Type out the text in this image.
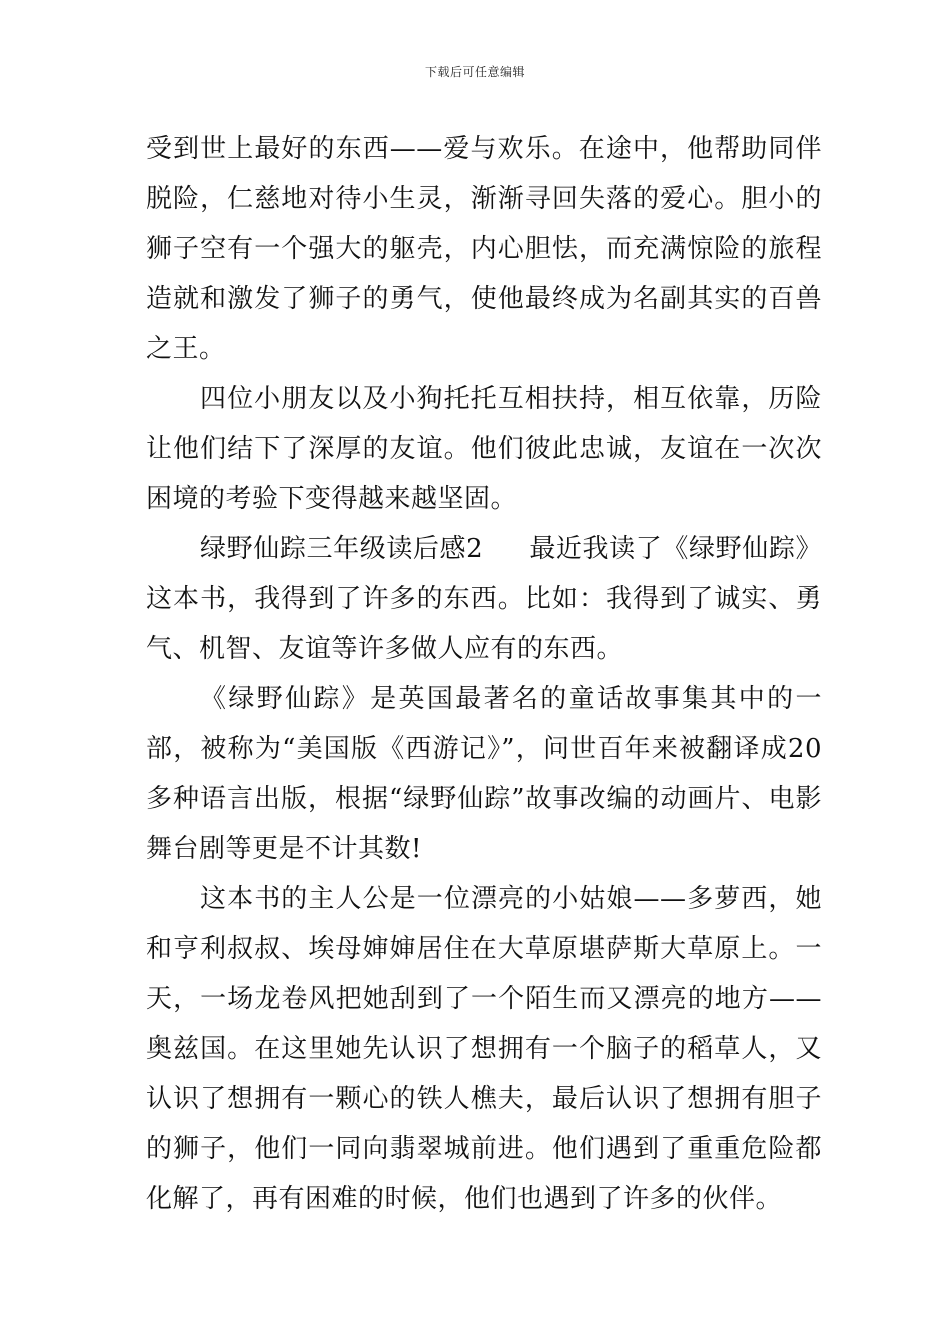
下载后可任意编辑

受到世上最好的东西——爱与欢乐。在途中，他帮助同伴脱险，仁慈地对待小生灵，渐渐寻回失落的爱心。胆小的狮子空有一个强大的躯壳，内心胆怯，而充满惊险的旅程造就和激发了狮子的勇气，使他最终成为名副其实的百兽之王。

四位小朋友以及小狗托托互相扶持，相互依靠，历险让他们结下了深厚的友谊。他们彼此忠诚，友谊在一次次困境的考验下变得越来越坚固。

绿野仙踪三年级读后感2 最近我读了《绿野仙踪》这本书，我得到了许多的东西。比如：我得到了诚实、勇气、机智、友谊等许多做人应有的东西。

《绿野仙踪》是英国最著名的童话故事集其中的一部，被称为“美国版《西游记》”，问世百年来被翻译成20多种语言出版，根据“绿野仙踪”故事改编的动画片、电影舞台剧等更是不计其数!

这本书的主人公是一位漂亮的小姑娘——多萝西，她和亨利叔叔、埃母婶婶居住在大草原堪萨斯大草原上。一天，一场龙卷风把她刮到了一个陌生而又漂亮的地方——奥兹国。在这里她先认识了想拥有一个脑子的稻草人，又认识了想拥有一颗心的铁人樵夫，最后认识了想拥有胆子的狮子，他们一同向翡翠城前进。他们遇到了重重危险都化解了，再有困难的时候，他们也遇到了许多的伙伴。
